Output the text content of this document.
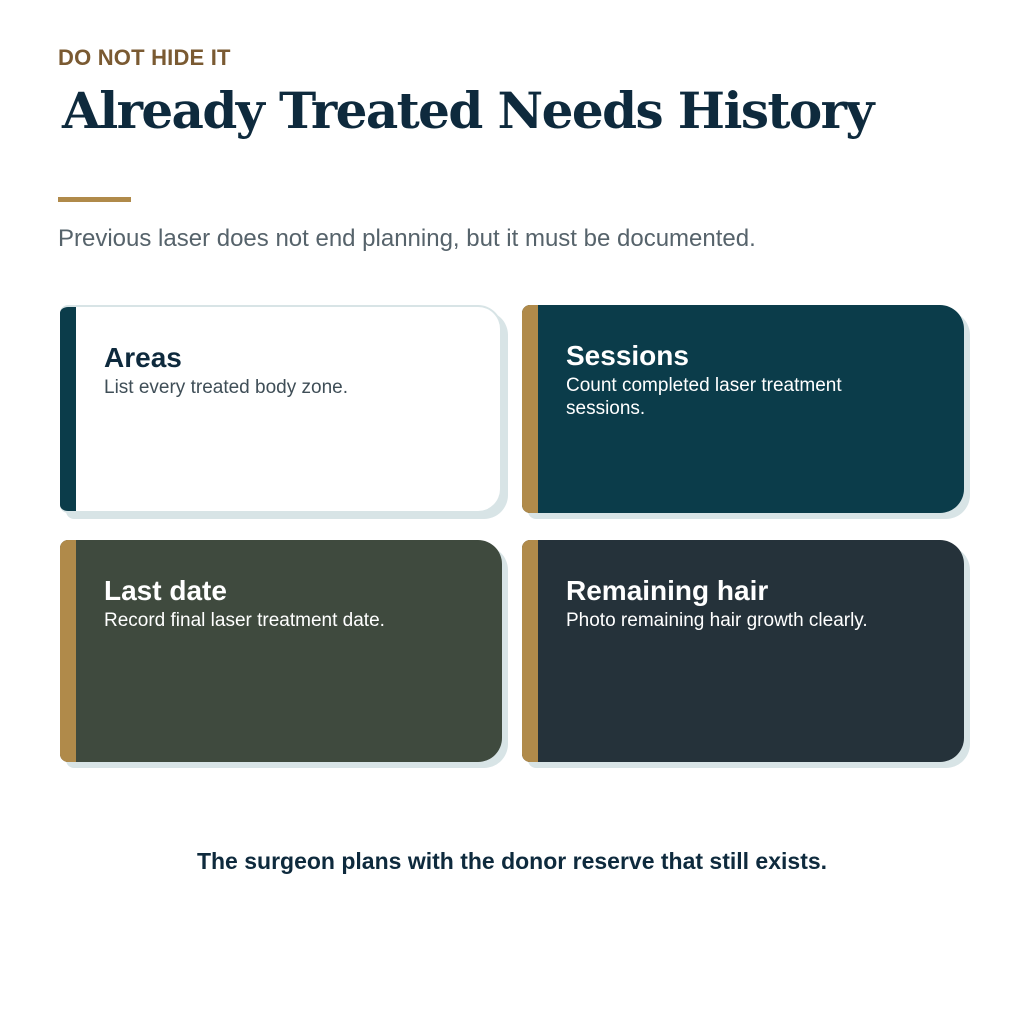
DO NOT HIDE IT
Already Treated Needs History
Previous laser does not end planning, but it must be documented.
Areas
List every treated body zone.
Sessions
Count completed laser treatment sessions.
Last date
Record final laser treatment date.
Remaining hair
Photo remaining hair growth clearly.
The surgeon plans with the donor reserve that still exists.
